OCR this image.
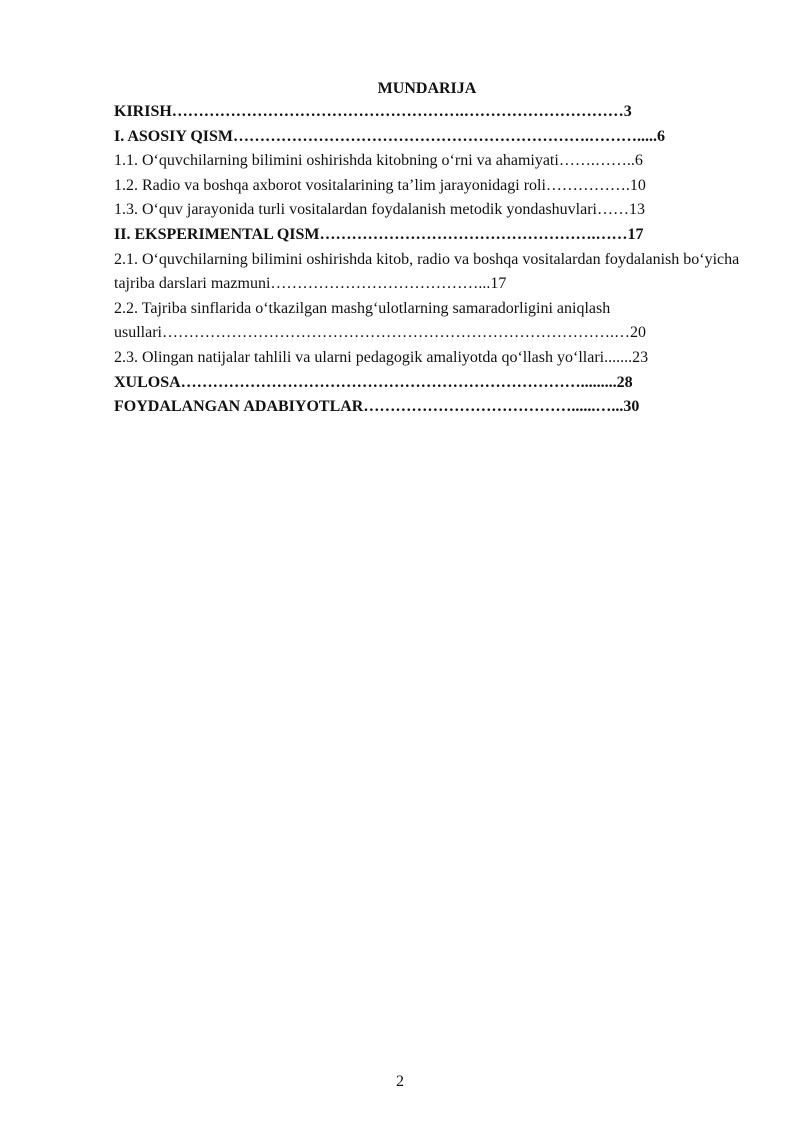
MUNDARIJA

KIRISH……………………………………………….…………………………3

I. ASOSIY QISM………………………………………………………….……….....6

1.1. O‘quvchilarning bilimini oshirishda kitobning o‘rni va ahamiyati…….……..6

1.2. Radio va boshqa axborot vositalarining ta’lim jarayonidagi roli…………….10

1.3. O‘quv jarayonida turli vositalardan foydalanish metodik yondashuvlari……13

II. EKSPERIMENTAL QISM…………………………………………….……17

2.1. O‘quvchilarning bilimini oshirishda kitob, radio va boshqa vositalardan foydalanish bo‘yicha tajriba darslari mazmuni…………………………………...17

2.2. Tajriba sinflarida o‘tkazilgan mashg‘ulotlarning samaradorligini aniqlash usullari………………………………………………………………………….…20

2.3. Olingan natijalar tahlili va ularni pedagogik amaliyotda qo‘llash yo‘llari.......23

XULOSA………………………………………………………………….........28

FOYDALANGAN ADABIYOTLAR…………………………………......…...30

2
